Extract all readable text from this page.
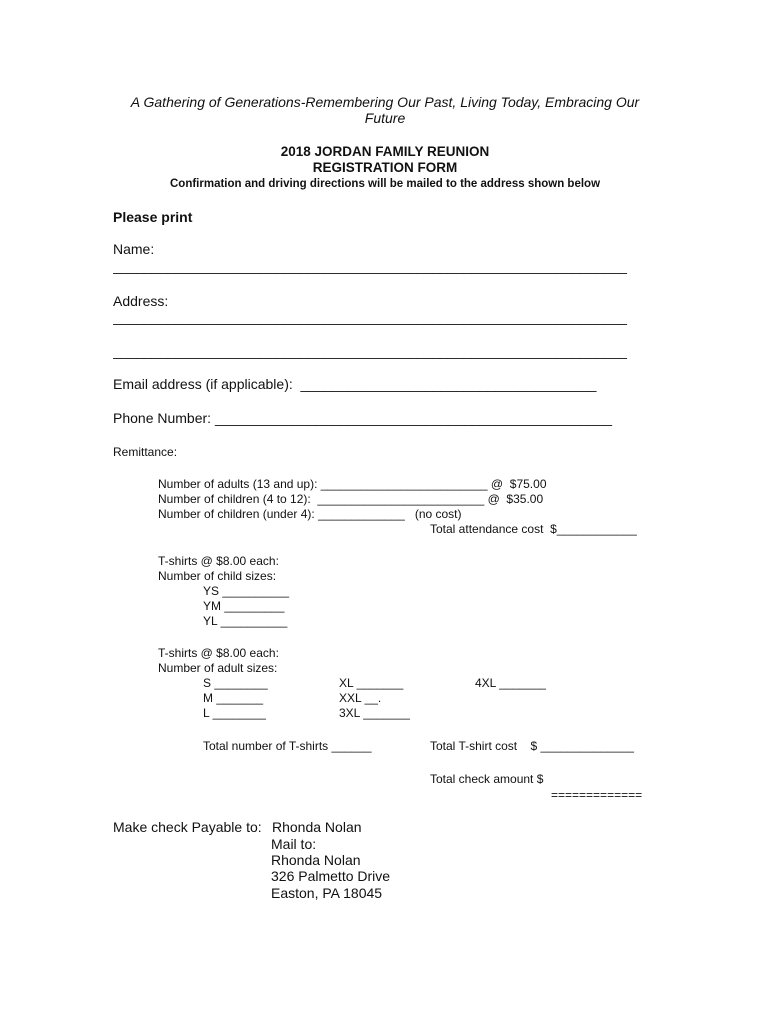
A Gathering of Generations-Remembering Our Past, Living Today, Embracing Our
Future
2018 JORDAN FAMILY REUNION
REGISTRATION FORM
Confirmation and driving directions will be mailed to the address shown below
Please print
Name:
__________________________________________________________________
Address:
__________________________________________________________________
__________________________________________________________________
Email address (if applicable):  ______________________________________
Phone Number: ___________________________________________________
Remittance:
Number of adults (13 and up): _________________________ @  $75.00
Number of children (4 to 12):  _________________________ @  $35.00
Number of children (under 4): _____________   (no cost)
Total attendance cost  $____________
T-shirts @ $8.00 each:
Number of child sizes:
YS __________
YM _________
YL __________
T-shirts @ $8.00 each:
Number of adult sizes:
S ________
M _______
L ________
XL _______
XXL __.
3XL _______
4XL _______
Total number of T-shirts ______	Total T-shirt cost    $ ______________
Total check amount $
=============
Make check Payable to: Rhonda Nolan
Mail to:
Rhonda Nolan
326 Palmetto Drive
Easton, PA 18045
